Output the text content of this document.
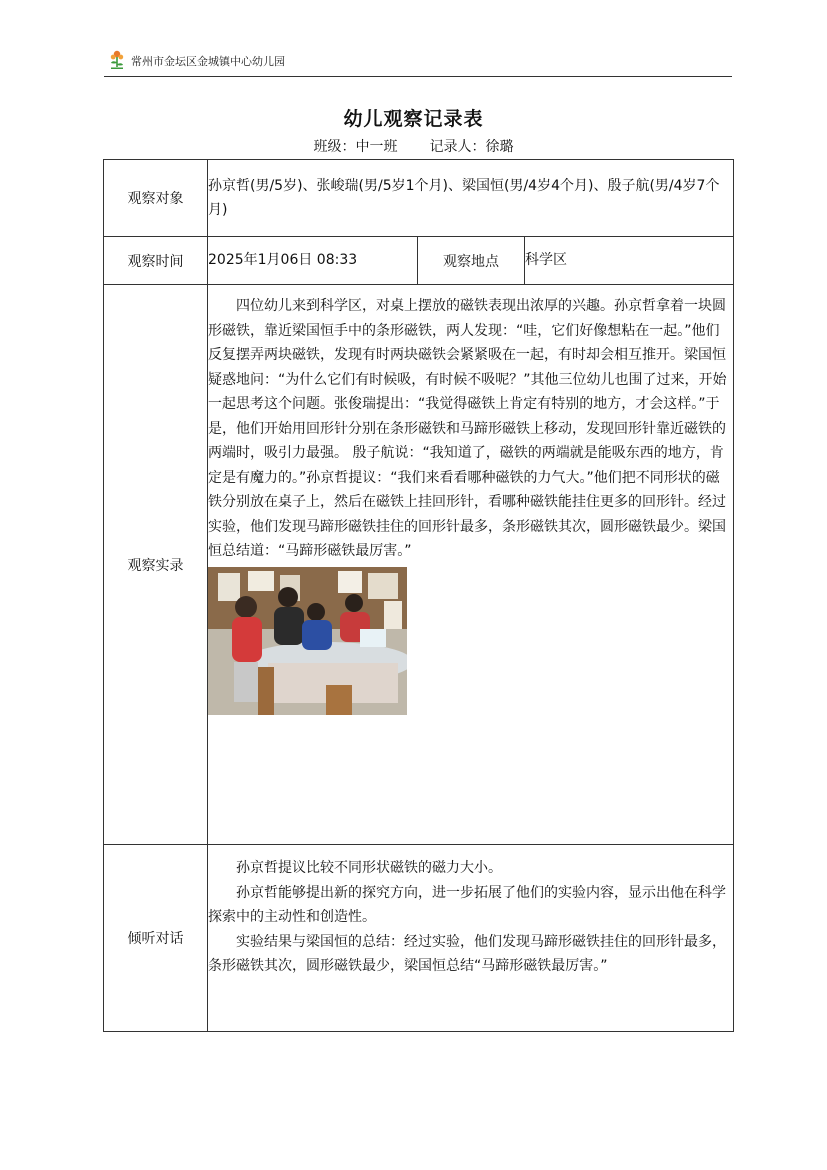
常州市金坛区金城镇中心幼儿园
幼儿观察记录表
班级：中一班 记录人：徐璐
观察对象	孙京哲(男/5岁)、张峻瑞(男/5岁1个月)、梁国恒(男/4岁4个月)、殷子航(男/4岁7个月)		
观察时间	2025年1月06日 08:33	观察地点	科学区
观察实录	四位幼儿来到科学区，对桌上摆放的磁铁表现出浓厚的兴趣。孙京哲拿着一块圆形磁铁，靠近梁国恒手中的条形磁铁，两人发现：“哇，它们好像想粘在一起。”他们反复摆弄两块磁铁，发现有时两块磁铁会紧紧吸在一起，有时却会相互推开。梁国恒疑惑地问：“为什么它们有时候吸，有时候不吸呢？”其他三位幼儿也围了过来，开始一起思考这个问题。张俊瑞提出：“我觉得磁铁上肯定有特别的地方，才会这样。”于是，他们开始用回形针分别在条形磁铁和马蹄形磁铁上移动，发现回形针靠近磁铁的两端时，吸引力最强。 殷子航说：“我知道了，磁铁的两端就是能吸东西的地方，肯定是有魔力的。”孙京哲提议：“我们来看看哪种磁铁的力气大。”他们把不同形状的磁铁分别放在桌子上，然后在磁铁上挂回形针，看哪种磁铁能挂住更多的回形针。经过实验，他们发现马蹄形磁铁挂住的回形针最多，条形磁铁其次，圆形磁铁最少。梁国恒总结道：“马蹄形磁铁最厉害。”		

倾听对话	孙京哲提议比较不同形状磁铁的磁力大小。

孙京哲能够提出新的探究方向，进一步拓展了他们的实验内容，显示出他在科学探索中的主动性和创造性。

实验结果与梁国恒的总结：经过实验，他们发现马蹄形磁铁挂住的回形针最多，条形磁铁其次，圆形磁铁最少，梁国恒总结“马蹄形磁铁最厉害。”		
